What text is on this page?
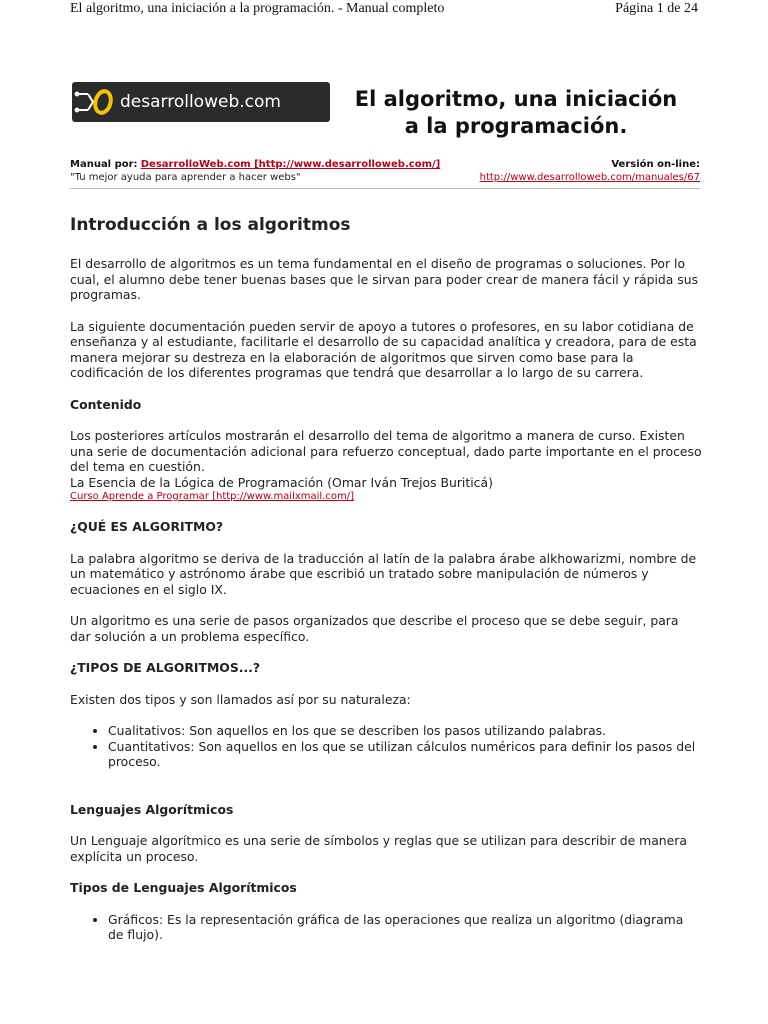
El algoritmo, una iniciación a la programación. - Manual completo	Página 1 de 24
desarrolloweb.com	El algoritmo, una iniciación
a la programación.
Manual por: DesarrolloWeb.com [http://www.desarrolloweb.com/]	Versión on-line:
"Tu mejor ayuda para aprender a hacer webs"	http://www.desarrolloweb.com/manuales/67
Introducción a los algoritmos

El desarrollo de algoritmos es un tema fundamental en el diseño de programas o soluciones. Por lo cual, el alumno debe tener buenas bases que le sirvan para poder crear de manera fácil y rápida sus programas.

La siguiente documentación pueden servir de apoyo a tutores o profesores, en su labor cotidiana de enseñanza y al estudiante, facilitarle el desarrollo de su capacidad analítica y creadora, para de esta manera mejorar su destreza en la elaboración de algoritmos que sirven como base para la codificación de los diferentes programas que tendrá que desarrollar a lo largo de su carrera.

Contenido

Los posteriores artículos mostrarán el desarrollo del tema de algoritmo a manera de curso. Existen una serie de documentación adicional para refuerzo conceptual, dado parte importante en el proceso del tema en cuestión.
La Esencia de la Lógica de Programación (Omar Iván Trejos Buriticá)
Curso Aprende a Programar [http://www.mailxmail.com/]

¿QUÉ ES ALGORITMO?

La palabra algoritmo se deriva de la traducción al latín de la palabra árabe alkhowarizmi, nombre de un matemático y astrónomo árabe que escribió un tratado sobre manipulación de números y ecuaciones en el siglo IX.

Un algoritmo es una serie de pasos organizados que describe el proceso que se debe seguir, para dar solución a un problema específico.

¿TIPOS DE ALGORITMOS...?

Existen dos tipos y son llamados así por su naturaleza:

• Cualitativos: Son aquellos en los que se describen los pasos utilizando palabras.
• Cuantitativos: Son aquellos en los que se utilizan cálculos numéricos para definir los pasos del proceso.
Lenguajes Algorítmicos

Un Lenguaje algorítmico es una serie de símbolos y reglas que se utilizan para describir de manera explícita un proceso.

Tipos de Lenguajes Algorítmicos
• Gráficos: Es la representación gráfica de las operaciones que realiza un algoritmo (diagrama de flujo).
